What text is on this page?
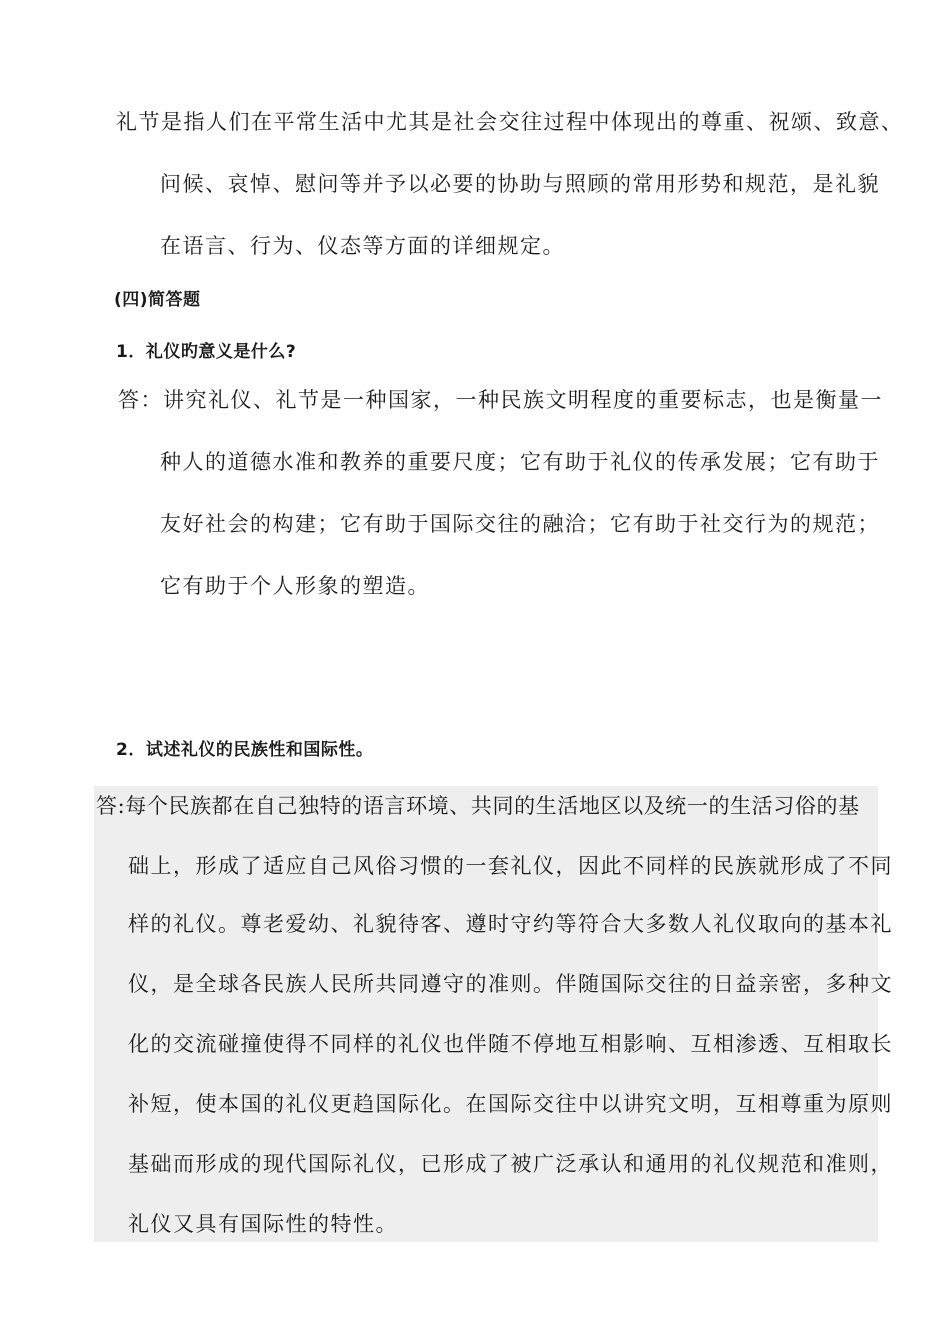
礼节是指人们在平常生活中尤其是社会交往过程中体现出的尊重、祝颂、致意、
问候、哀悼、慰问等并予以必要的协助与照顾的常用形势和规范，是礼貌
在语言、行为、仪态等方面的详细规定。
(四)简答题
1．礼仪旳意义是什么?
答：讲究礼仪、礼节是一种国家，一种民族文明程度的重要标志，也是衡量一
种人的道德水准和教养的重要尺度；它有助于礼仪的传承发展；它有助于
友好社会的构建；它有助于国际交往的融洽；它有助于社交行为的规范；
它有助于个人形象的塑造。
2．试述礼仪的民族性和国际性。
答:每个民族都在自己独特的语言环境、共同的生活地区以及统一的生活习俗的基
础上，形成了适应自己风俗习惯的一套礼仪，因此不同样的民族就形成了不同
样的礼仪。尊老爱幼、礼貌待客、遵时守约等符合大多数人礼仪取向的基本礼
仪，是全球各民族人民所共同遵守的准则。伴随国际交往的日益亲密，多种文
化的交流碰撞使得不同样的礼仪也伴随不停地互相影响、互相渗透、互相取长
补短，使本国的礼仪更趋国际化。在国际交往中以讲究文明，互相尊重为原则
基础而形成的现代国际礼仪，已形成了被广泛承认和通用的礼仪规范和准则，
礼仪又具有国际性的特性。
